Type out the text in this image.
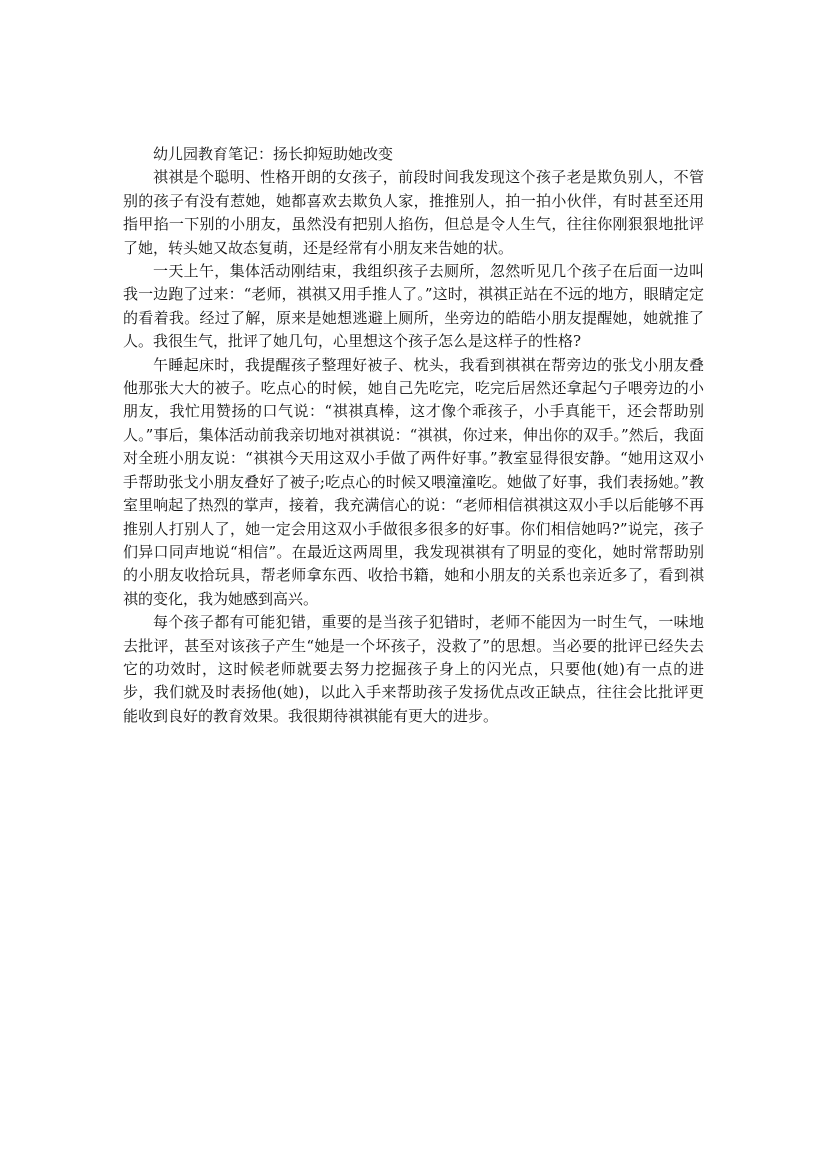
幼儿园教育笔记：扬长抑短助她改变

祺祺是个聪明、性格开朗的女孩子，前段时间我发现这个孩子老是欺负别人，不管别的孩子有没有惹她，她都喜欢去欺负人家，推推别人，拍一拍小伙伴，有时甚至还用指甲掐一下别的小朋友，虽然没有把别人掐伤，但总是令人生气，往往你刚狠狠地批评了她，转头她又故态复萌，还是经常有小朋友来告她的状。

一天上午，集体活动刚结束，我组织孩子去厕所，忽然听见几个孩子在后面一边叫我一边跑了过来：“老师，祺祺又用手推人了。”这时，祺祺正站在不远的地方，眼睛定定的看着我。经过了解，原来是她想逃避上厕所，坐旁边的皓皓小朋友提醒她，她就推了人。我很生气，批评了她几句，心里想这个孩子怎么是这样子的性格?

午睡起床时，我提醒孩子整理好被子、枕头，我看到祺祺在帮旁边的张戈小朋友叠他那张大大的被子。吃点心的时候，她自己先吃完，吃完后居然还拿起勺子喂旁边的小朋友，我忙用赞扬的口气说：“祺祺真棒，这才像个乖孩子，小手真能干，还会帮助别人。”事后，集体活动前我亲切地对祺祺说：“祺祺，你过来，伸出你的双手。”然后，我面对全班小朋友说：“祺祺今天用这双小手做了两件好事。”教室显得很安静。“她用这双小手帮助张戈小朋友叠好了被子;吃点心的时候又喂潼潼吃。她做了好事，我们表扬她。”教室里响起了热烈的掌声，接着，我充满信心的说：“老师相信祺祺这双小手以后能够不再推别人打别人了，她一定会用这双小手做很多很多的好事。你们相信她吗?”说完，孩子们异口同声地说“相信”。在最近这两周里，我发现祺祺有了明显的变化，她时常帮助别的小朋友收拾玩具，帮老师拿东西、收拾书籍，她和小朋友的关系也亲近多了，看到祺祺的变化，我为她感到高兴。

每个孩子都有可能犯错，重要的是当孩子犯错时，老师不能因为一时生气，一味地去批评，甚至对该孩子产生“她是一个坏孩子，没救了”的思想。当必要的批评已经失去它的功效时，这时候老师就要去努力挖掘孩子身上的闪光点，只要他(她)有一点的进步，我们就及时表扬他(她)，以此入手来帮助孩子发扬优点改正缺点，往往会比批评更能收到良好的教育效果。我很期待祺祺能有更大的进步。
